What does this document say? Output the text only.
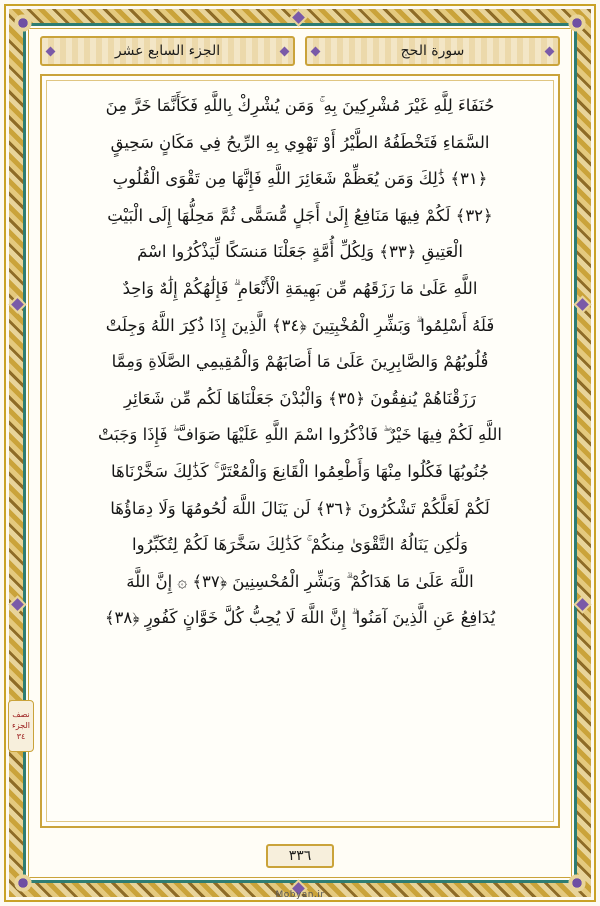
سورة الحج
الجزء السابع عشر
حُنَفَاءَ لِلَّهِ غَيْرَ مُشْرِكِينَ بِهِ ۚ وَمَن يُشْرِكْ بِاللَّهِ فَكَأَنَّمَا خَرَّ مِنَ
السَّمَاءِ فَتَخْطَفُهُ الطَّيْرُ أَوْ تَهْوِي بِهِ الرِّيحُ فِي مَكَانٍ سَحِيقٍ
﴿٣١﴾ ذَٰلِكَ وَمَن يُعَظِّمْ شَعَائِرَ اللَّهِ فَإِنَّهَا مِن تَقْوَى الْقُلُوبِ
﴿٣٢﴾ لَكُمْ فِيهَا مَنَافِعُ إِلَىٰ أَجَلٍ مُّسَمًّى ثُمَّ مَحِلُّهَا إِلَى الْبَيْتِ
الْعَتِيقِ ﴿٣٣﴾ وَلِكُلِّ أُمَّةٍ جَعَلْنَا مَنسَكًا لِّيَذْكُرُوا اسْمَ
اللَّهِ عَلَىٰ مَا رَزَقَهُم مِّن بَهِيمَةِ الْأَنْعَامِ ۗ فَإِلَٰهُكُمْ إِلَٰهٌ وَاحِدٌ
فَلَهُ أَسْلِمُوا ۗ وَبَشِّرِ الْمُخْبِتِينَ ﴿٣٤﴾ الَّذِينَ إِذَا ذُكِرَ اللَّهُ وَجِلَتْ
قُلُوبُهُمْ وَالصَّابِرِينَ عَلَىٰ مَا أَصَابَهُمْ وَالْمُقِيمِي الصَّلَاةِ وَمِمَّا
رَزَقْنَاهُمْ يُنفِقُونَ ﴿٣٥﴾ وَالْبُدْنَ جَعَلْنَاهَا لَكُم مِّن شَعَائِرِ
اللَّهِ لَكُمْ فِيهَا خَيْرٌ ۖ فَاذْكُرُوا اسْمَ اللَّهِ عَلَيْهَا صَوَافَّ ۖ فَإِذَا وَجَبَتْ
جُنُوبُهَا فَكُلُوا مِنْهَا وَأَطْعِمُوا الْقَانِعَ وَالْمُعْتَرَّ ۚ كَذَٰلِكَ سَخَّرْنَاهَا
لَكُمْ لَعَلَّكُمْ تَشْكُرُونَ ﴿٣٦﴾ لَن يَنَالَ اللَّهَ لُحُومُهَا وَلَا دِمَاؤُهَا
وَلَٰكِن يَنَالُهُ التَّقْوَىٰ مِنكُمْ ۚ كَذَٰلِكَ سَخَّرَهَا لَكُمْ لِتُكَبِّرُوا
اللَّهَ عَلَىٰ مَا هَدَاكُمْ ۗ وَبَشِّرِ الْمُحْسِنِينَ ﴿٣٧﴾ ۞ إِنَّ اللَّهَ
يُدَافِعُ عَنِ الَّذِينَ آمَنُوا ۗ إِنَّ اللَّهَ لَا يُحِبُّ كُلَّ خَوَّانٍ كَفُورٍ ﴿٣٨﴾
نصف
الجزء
٣٤
٣٣٦
Mobyan.ir
